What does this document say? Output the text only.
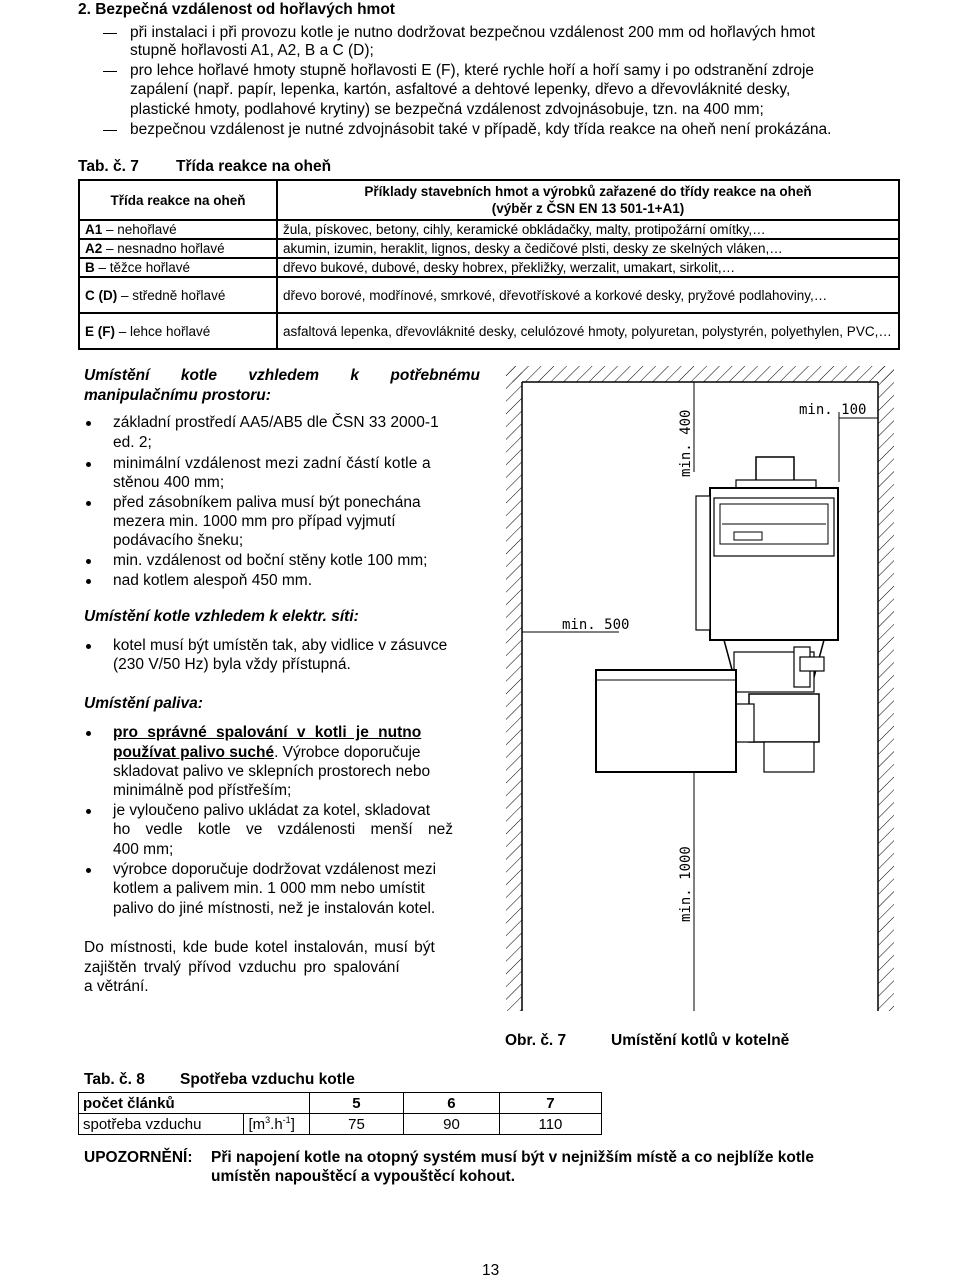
2. Bezpečná vzdálenost od hořlavých hmot
při instalaci i při provozu kotle je nutno dodržovat bezpečnou vzdálenost 200 mm od hořlavých hmot
stupně hořlavosti A1, A2, B a C (D);
pro lehce hořlavé hmoty stupně hořlavosti E (F), které rychle hoří a hoří samy i po odstranění zdroje
zapálení (např. papír, lepenka, kartón, asfaltové a dehtové lepenky, dřevo a dřevovláknité desky,
plastické hmoty, podlahové krytiny) se bezpečná vzdálenost zdvojnásobuje, tzn. na 400 mm;
bezpečnou vzdálenost je nutné zdvojnásobit také v případě, kdy třída reakce na oheň není prokázána.
Tab. č. 7 Třída reakce na oheň
Třída reakce na oheň	Příklady stavebních hmot a výrobků zařazené do třídy reakce na oheň
(výběr z ČSN EN 13 501-1+A1)

A1 – nehořlavé	žula, pískovec, betony, cihly, keramické obkládačky, malty, protipožární omítky,…
A2 – nesnadno hořlavé	akumin, izumin, heraklit, lignos, desky a čedičové plsti, desky ze skelných vláken,…
B – těžce hořlavé	dřevo bukové, dubové, desky hobrex, překližky, werzalit, umakart, sirkolit,…
C (D) – středně hořlavé	dřevo borové, modřínové, smrkové, dřevotřískové a korkové desky, pryžové podlahoviny,…
E (F) – lehce hořlavé	asfaltová lepenka, dřevovláknité desky, celulózové hmoty, polyuretan, polystyrén, polyethylen, PVC,…
Umístění kotle vzhledem k potřebnému manipulačnímu prostoru:
základní prostředí AA5/AB5 dle ČSN 33 2000-1
ed. 2;
minimální vzdálenost mezi zadní částí kotle a
stěnou 400 mm;
před zásobníkem paliva musí být ponechána
mezera min. 1000 mm pro případ vyjmutí
podávacího šneku;
min. vzdálenost od boční stěny kotle 100 mm;
nad kotlem alespoň 450 mm.
Umístění kotle vzhledem k elektr. síti:
kotel musí být umístěn tak, aby vidlice v zásuvce
(230 V/50 Hz) byla vždy přístupná.
Umístění paliva:
pro správné spalování v kotli je nutno
používat palivo suché. Výrobce doporučuje
skladovat palivo ve sklepních prostorech nebo
minimálně pod přístřeším;
je vyloučeno palivo ukládat za kotel, skladovat
ho vedle kotle ve vzdálenosti menší než
400 mm;
výrobce doporučuje dodržovat vzdálenost mezi
kotlem a palivem min. 1 000 mm nebo umístit
palivo do jiné místnosti, než je instalován kotel.
Do místnosti, kde bude kotel instalován, musí být
zajištěn trvalý přívod vzduchu pro spalování
a větrání.
min. 100
min. 400
min. 500
min. 1000
Obr. č. 7	Umístění kotlů v kotelně
Tab. č. 8 Spotřeba vzduchu kotle
počet článků		5	6	7
spotřeba vzduchu	$[m^3.h^{-1}]$	75	90	110
UPOZORNĚNÍ: Při napojení kotle na otopný systém musí být v nejnižším místě a co nejblíže kotle
umístěn napouštěcí a vypouštěcí kohout.
13
